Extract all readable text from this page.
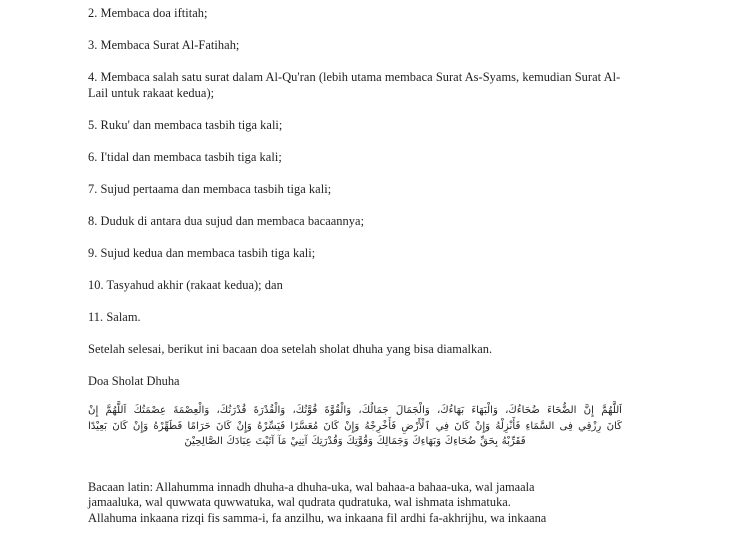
2. Membaca doa iftitah;

3. Membaca Surat Al-Fatihah;

4. Membaca salah satu surat dalam Al-Qu'ran (lebih utama membaca Surat As-Syams, kemudian Surat Al-Lail untuk rakaat kedua);

5. Ruku' dan membaca tasbih tiga kali;

6. I'tidal dan membaca tasbih tiga kali;

7. Sujud pertaama dan membaca tasbih tiga kali;

8. Duduk di antara dua sujud dan membaca bacaannya;

9. Sujud kedua dan membaca tasbih tiga kali;

10. Tasyahud akhir (rakaat kedua); dan

11. Salam.

Setelah selesai, berikut ini bacaan doa setelah sholat dhuha yang bisa diamalkan.

Doa Sholat Dhuha

اَللَّهُمَّ إِنَّ الضُّحَاءَ ضُحَاءُكَ، وَالْبَهَاءَ بَهَاءُكَ، وَالْجَمَالَ جَمَالُكَ، وَالْقُوَّةَ قُوَّتُكَ، وَالْقُدْرَةَ قُدْرَتُكَ، وَالْعِصْمَةَ عِصْمَتُكَ اَللَّهُمَّ إِنْ
كَانَ رِزْقِي فِى السَّمَاءِ فَأَنْزِلْهُ وَإِنْ كَانَ فِي ٱلْأَرْضِ فَأَخْرِجْهُ وَإِنْ كَانَ مُعَسَّرًا فَيَسِّرْهُ وَإِنْ كَانَ حَرَامًا فَطَهِّرْهُ وَإِنْ كَانَ بَعِيْدًا
فَقَرِّبْهُ بِحَقِّ ضُحَاءِكَ وَبَهَاءِكَ وَجَمَالِكَ وَقُوَّتِكَ وَقُدْرَتِكَ آتِنِيْ مَآ آتَيْتَ عِبَادَكَ الصَّالِحِيْنَ
Bacaan latin: Allahumma innadh dhuha-a dhuha-uka, wal bahaa-a bahaa-uka, wal jamaala
jamaaluka, wal quwwata quwwatuka, wal qudrata qudratuka, wal ishmata ishmatuka.
Allahuma inkaana rizqi fis samma-i, fa anzilhu, wa inkaana fil ardhi fa-akhrijhu, wa inkaana
